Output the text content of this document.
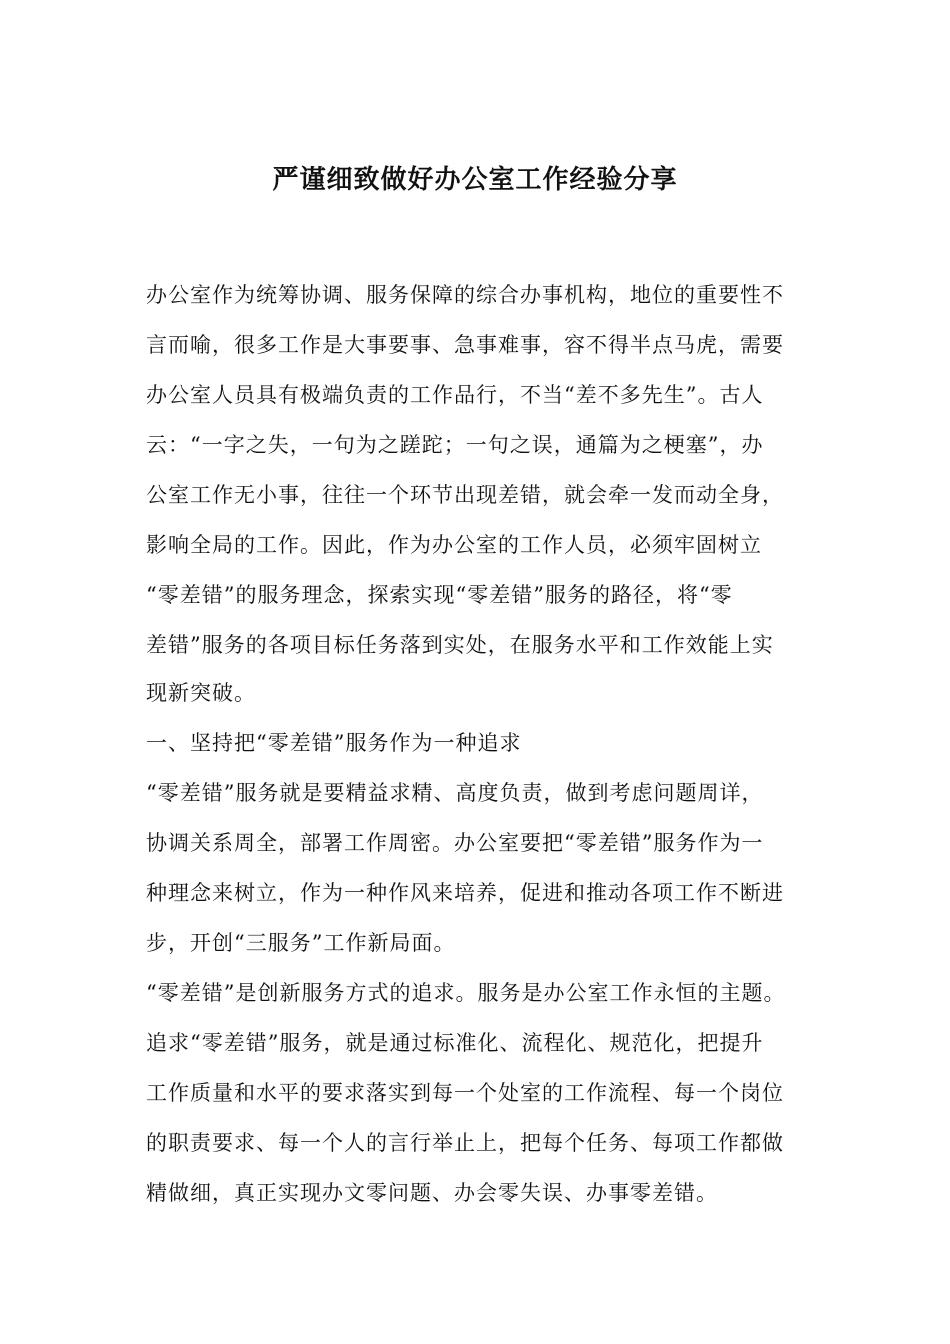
严谨细致做好办公室工作经验分享
办公室作为统筹协调、服务保障的综合办事机构，地位的重要性不
言而喻，很多工作是大事要事、急事难事，容不得半点马虎，需要
办公室人员具有极端负责的工作品行，不当“差不多先生”。古人
云：“一字之失，一句为之蹉跎；一句之误，通篇为之梗塞”，办
公室工作无小事，往往一个环节出现差错，就会牵一发而动全身，
影响全局的工作。因此，作为办公室的工作人员，必须牢固树立
“零差错”的服务理念，探索实现“零差错”服务的路径，将“零
差错”服务的各项目标任务落到实处，在服务水平和工作效能上实
现新突破。
一、坚持把“零差错”服务作为一种追求
“零差错”服务就是要精益求精、高度负责，做到考虑问题周详，
协调关系周全，部署工作周密。办公室要把“零差错”服务作为一
种理念来树立，作为一种作风来培养，促进和推动各项工作不断进
步，开创“三服务”工作新局面。
“零差错”是创新服务方式的追求。服务是办公室工作永恒的主题。
追求“零差错”服务，就是通过标准化、流程化、规范化，把提升
工作质量和水平的要求落实到每一个处室的工作流程、每一个岗位
的职责要求、每一个人的言行举止上，把每个任务、每项工作都做
精做细，真正实现办文零问题、办会零失误、办事零差错。
